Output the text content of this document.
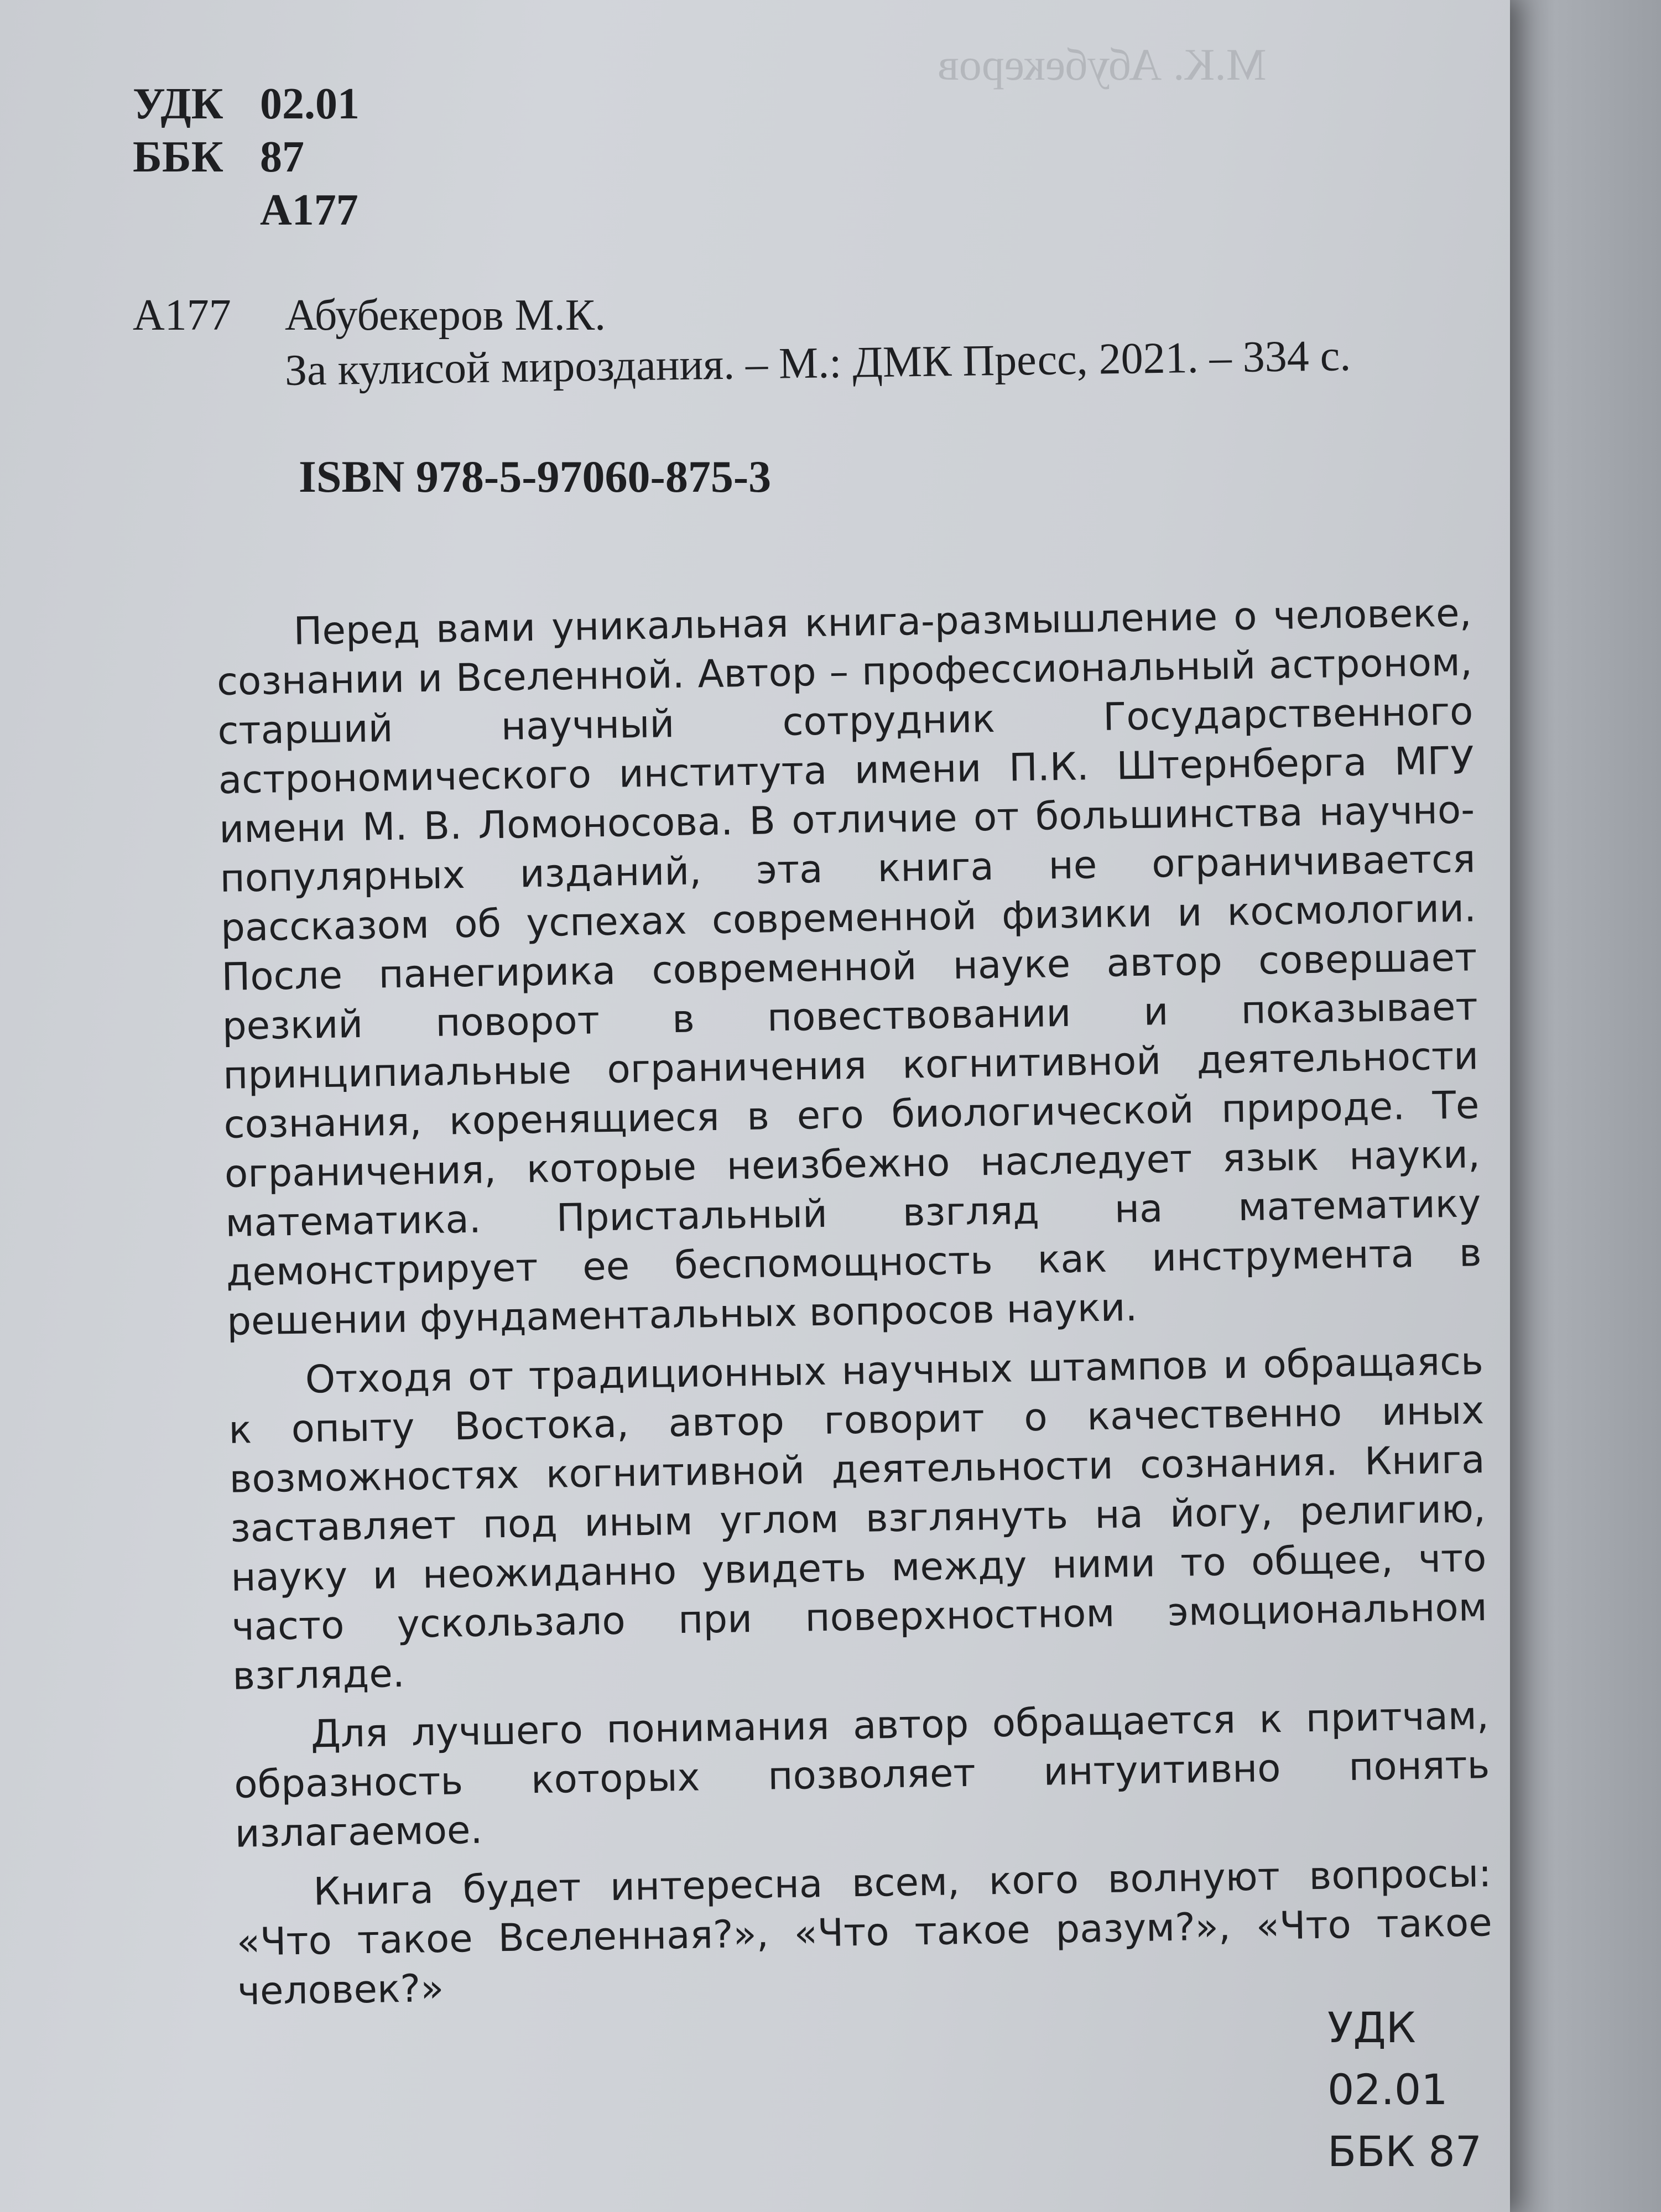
М.К. Абубекеров
УДК 02.01
ББК 87
А177
А177	Абубекеров М.К.
За кулисой мироздания. – М.: ДМК Пресс, 2021. – 334 с.
ISBN 978-5-97060-875-3

Перед вами уникальная книга-размышление о человеке, сознании и Вселенной. Автор – профессиональный астроном, старший научный сотрудник Государственного астрономического института имени П.К. Штернберга МГУ имени М. В. Ломоносова. В отличие от большинства научно-популярных изданий, эта книга не ограничивается рассказом об успехах современной физики и космологии. После панегирика современной науке автор совершает резкий поворот в повествовании и показывает принципиальные ограничения когнитивной деятельности сознания, коренящиеся в его биологической природе. Те ограничения, которые неизбежно наследует язык науки, математика. Пристальный взгляд на математику демонстрирует ее беспомощность как инструмента в решении фундаментальных вопросов науки.

Отходя от традиционных научных штампов и обращаясь к опыту Востока, автор говорит о качественно иных возможностях когнитивной деятельности сознания. Книга заставляет под иным углом взглянуть на йогу, религию, науку и неожиданно увидеть между ними то общее, что часто ускользало при поверхностном эмоциональном взгляде.

Для лучшего понимания автор обращается к притчам, образность которых позволяет интуитивно понять излагаемое.

Книга будет интересна всем, кого волнуют вопросы: «Что такое Вселенная?», «Что такое разум?», «Что такое человек?»

УДК 02.01
ББК 87
